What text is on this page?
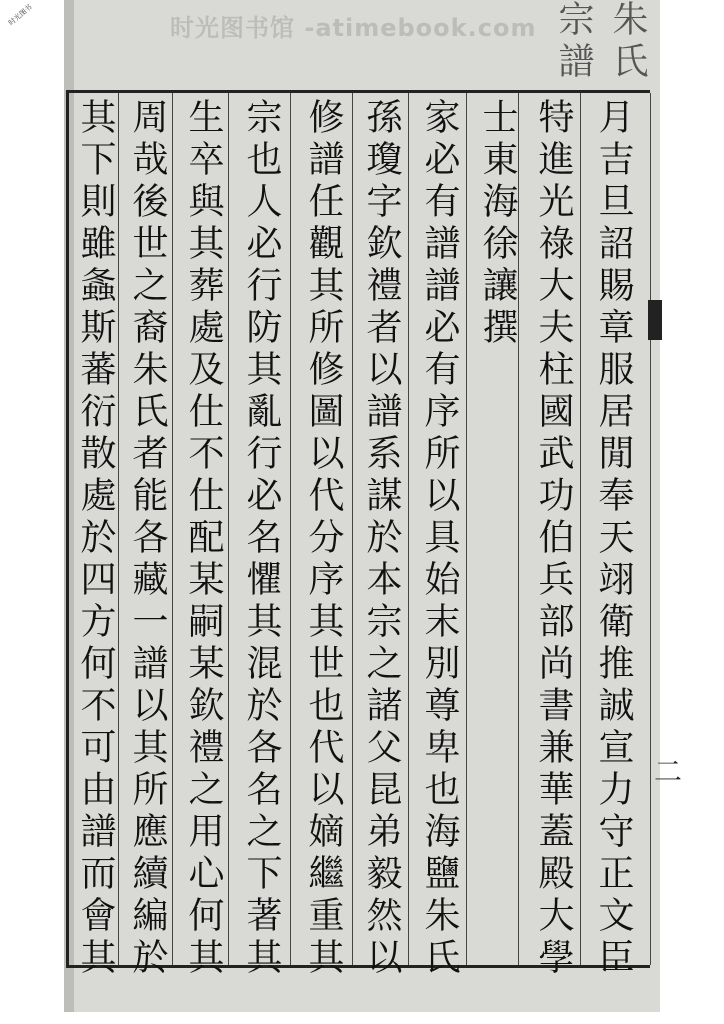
时光图书	时光图书馆 -atimebook.com	朱氏宗譜
月吉旦詔賜章服居閒奉天翊衛推誠宣力守正文臣
特進光祿大夫柱國武功伯兵部尚書兼華蓋殿大學
士東海徐讓撰
家必有譜譜必有序所以具始末別尊卑也海鹽朱氏
孫瓊字欽禮者以譜系謀於本宗之諸父昆弟毅然以
修譜任觀其所修圖以代分序其世也代以嫡繼重其
宗也人必行防其亂行必名懼其混於各名之下著其
生卒與其葬處及仕不仕配某嗣某欽禮之用心何其
周哉後世之裔朱氏者能各藏一譜以其所應續編於
其下則雖螽斯蕃衍散處於四方何不可由譜而會其	二
